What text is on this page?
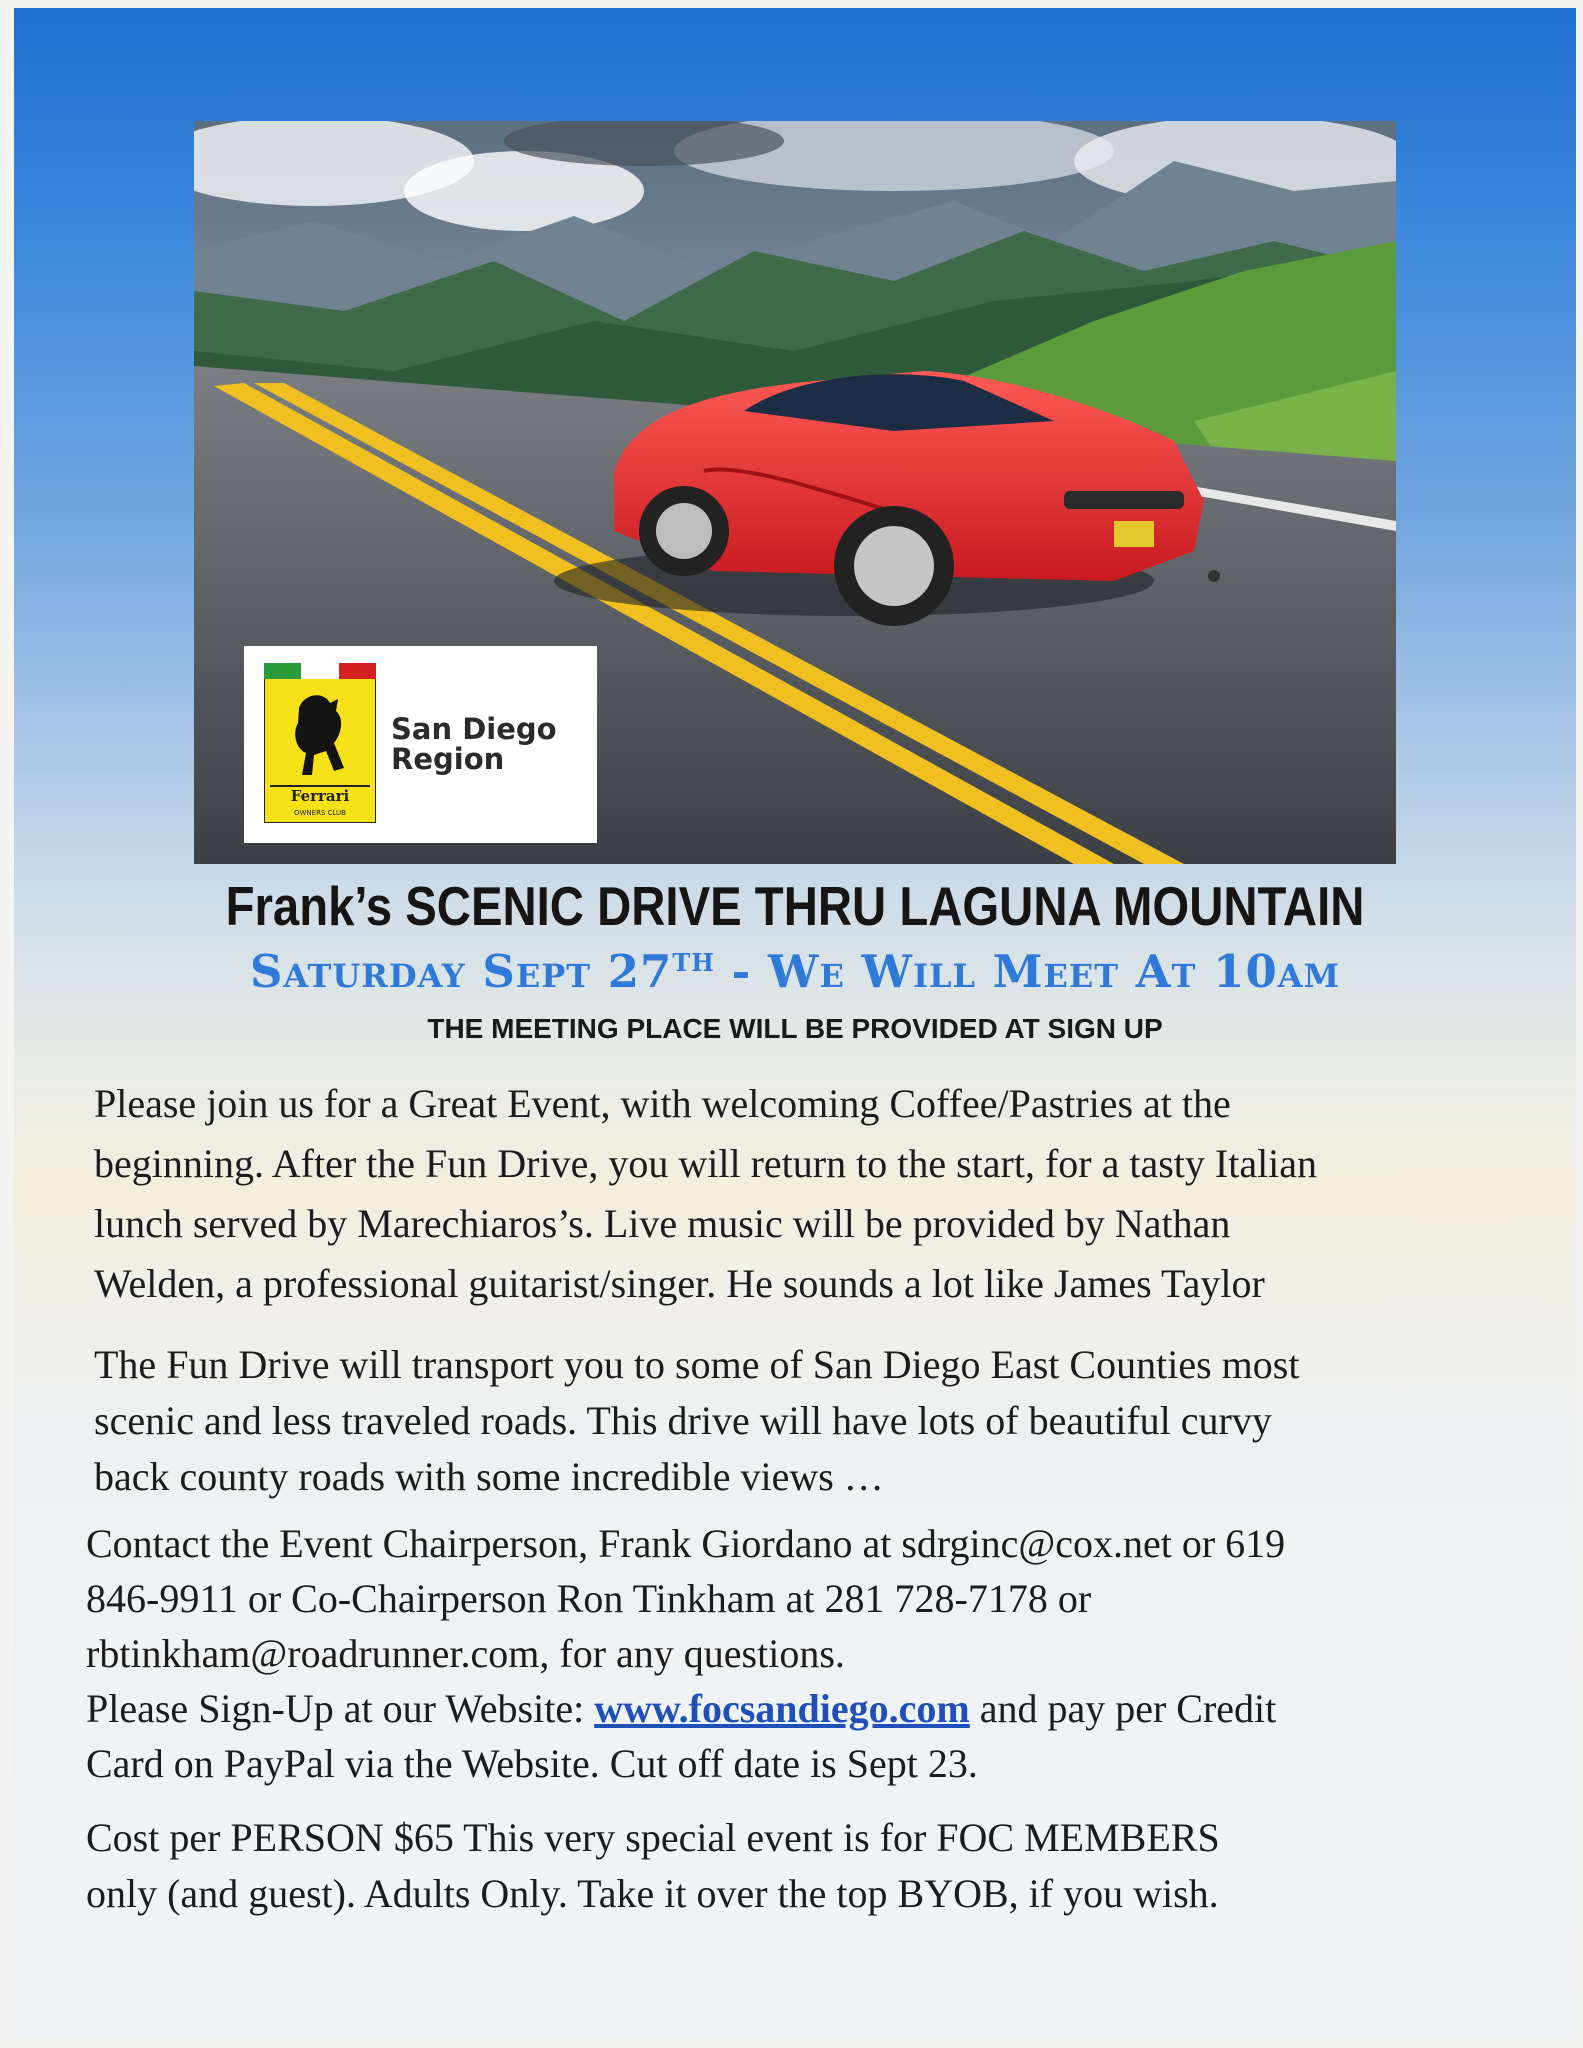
Ferrari
OWNERS CLUB
San Diego
Region
Frank’s SCENIC DRIVE THRU LAGUNA MOUNTAIN
Saturday Sept 27TH - We Will Meet At 10am
THE MEETING PLACE WILL BE PROVIDED AT SIGN UP
Please join us for a Great Event, with welcoming Coffee/Pastries at the
beginning. After the Fun Drive, you will return to the start, for a tasty Italian
lunch served by Marechiaros’s. Live music will be provided by Nathan
Welden, a professional guitarist/singer. He sounds a lot like James Taylor
The Fun Drive will transport you to some of San Diego East Counties most
scenic and less traveled roads. This drive will have lots of beautiful curvy
back county roads with some incredible views …
Contact the Event Chairperson, Frank Giordano at sdrginc@cox.net or 619
846-9911 or Co-Chairperson Ron Tinkham at 281 728-7178 or
rbtinkham@roadrunner.com, for any questions.
Please Sign-Up at our Website: www.focsandiego.com and pay per Credit
Card on PayPal via the Website. Cut off date is Sept 23.
Cost per PERSON $65 This very special event is for FOC MEMBERS
only (and guest). Adults Only. Take it over the top BYOB, if you wish.
